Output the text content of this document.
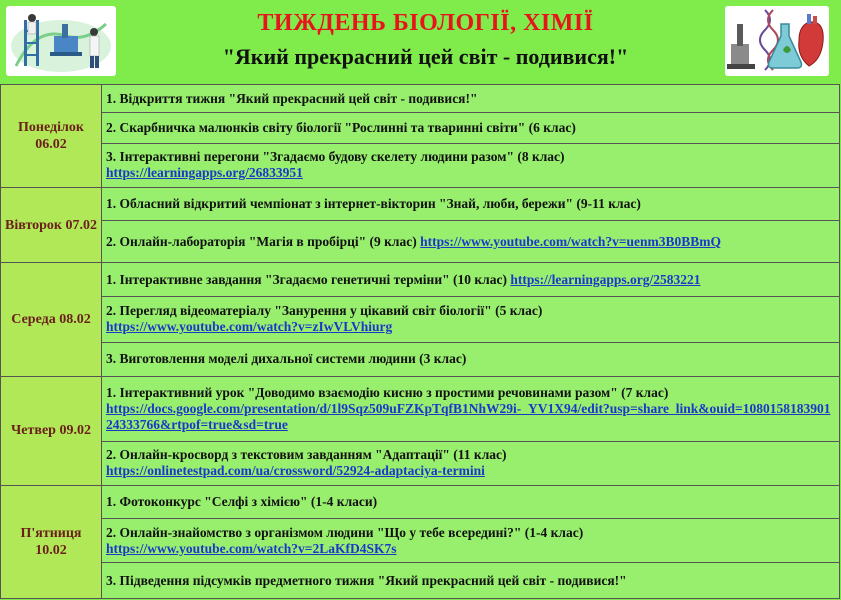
ТИЖДЕНЬ БІОЛОГІЇ, ХІМІЇ
"Який прекрасний цей світ - подивися!"
Понеділок 06.02	1. Відкриття тижня "Який прекрасний цей світ - подивися!"
	2. Скарбничка малюнків світу біології "Рослинні та тваринні світи" (6 клас)
	3. Інтерактивні перегони "Згадаємо будову скелету людини разом" (8 клас)
https://learningapps.org/26833951
Вівторок 07.02	1. Обласний відкритий чемпіонат з інтернет-вікторин "Знай, люби, бережи" (9-11 клас)
	2. Онлайн-лабораторія "Магія в пробірці" (9 клас) https://www.youtube.com/watch?v=uenm3B0BBmQ
Середа 08.02	1. Інтерактивне завдання "Згадаємо генетичні терміни" (10 клас) https://learningapps.org/2583221
	2. Перегляд відеоматеріалу "Занурення у цікавий світ біології" (5 клас)
https://www.youtube.com/watch?v=zIwVLVhiurg
	3. Виготовлення моделі дихальної системи людини (3 клас)
Четвер 09.02	1. Інтерактивний урок "Доводимо взаємодію кисню з простими речовинами разом" (7 клас)
https://docs.google.com/presentation/d/1l9Sqz509uFZKpTqfB1NhW29i-_YV1X94/edit?usp=share_link&ouid=108015818390124333766&rtpof=true&sd=true
	2. Онлайн-кросворд з текстовим завданням "Адаптації" (11 клас)
https://onlinetestpad.com/ua/crossword/52924-adaptaciya-termini
П'ятниця 10.02	1. Фотоконкурс "Селфі з хімією" (1-4 класи)
	2. Онлайн-знайомство з організмом людини "Що у тебе всередині?" (1-4 клас)
https://www.youtube.com/watch?v=2LaKfD4SK7s
	3. Підведення підсумків предметного тижня "Який прекрасний цей світ - подивися!"
